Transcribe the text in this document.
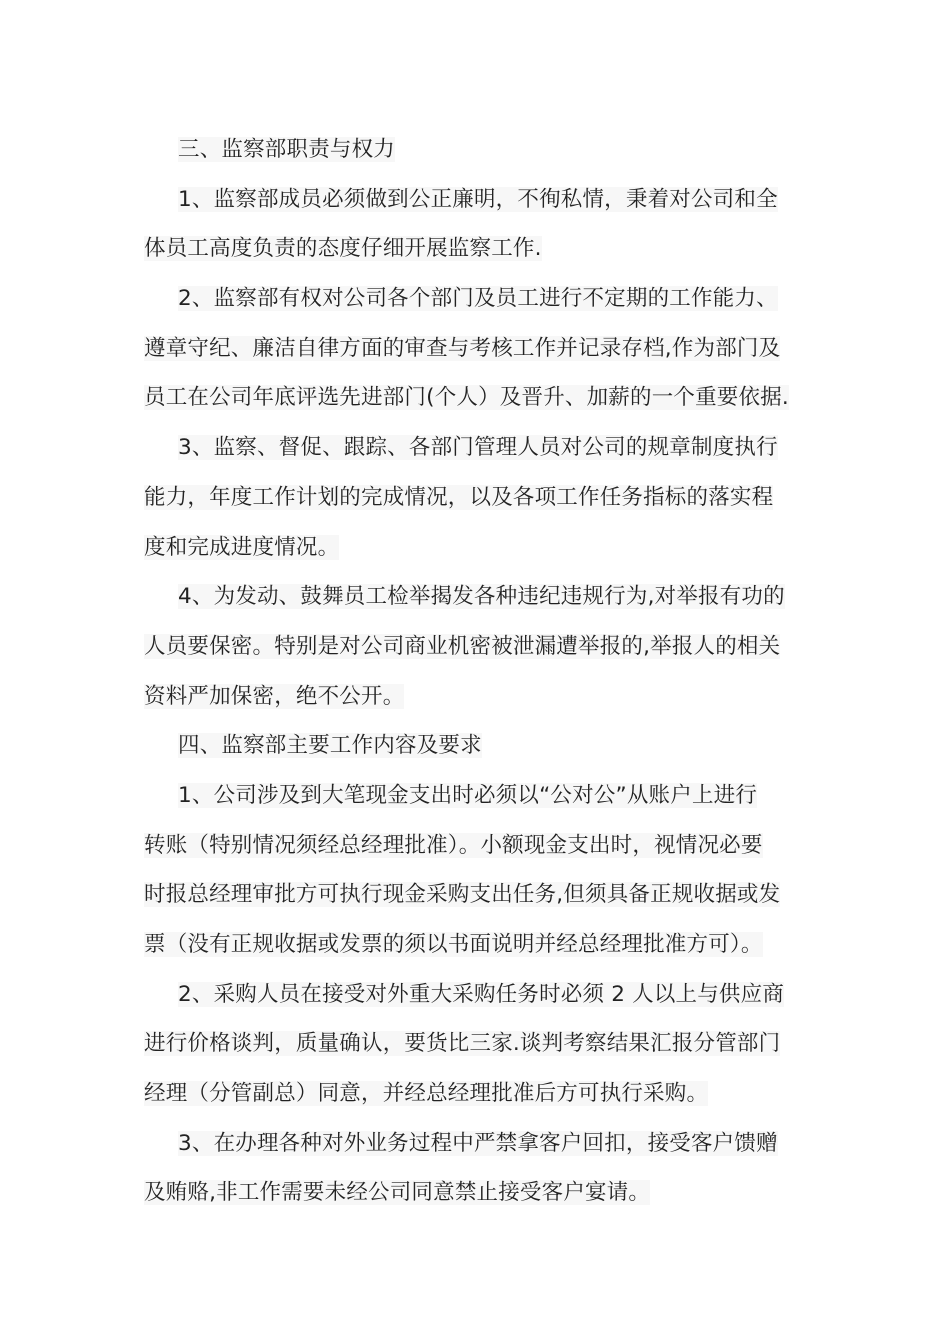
三、监察部职责与权力
1、监察部成员必须做到公正廉明，不徇私情，秉着对公司和全
体员工高度负责的态度仔细开展监察工作.
2、监察部有权对公司各个部门及员工进行不定期的工作能力、
遵章守纪、廉洁自律方面的审查与考核工作并记录存档,作为部门及
员工在公司年底评选先进部门(个人）及晋升、加薪的一个重要依据.
3、监察、督促、跟踪、各部门管理人员对公司的规章制度执行
能力，年度工作计划的完成情况，以及各项工作任务指标的落实程
度和完成进度情况。
4、为发动、鼓舞员工检举揭发各种违纪违规行为,对举报有功的
人员要保密。特别是对公司商业机密被泄漏遭举报的,举报人的相关
资料严加保密，绝不公开。
四、监察部主要工作内容及要求
1、公司涉及到大笔现金支出时必须以“公对公”从账户上进行
转账（特别情况须经总经理批准）。小额现金支出时，视情况必要
时报总经理审批方可执行现金采购支出任务,但须具备正规收据或发
票（没有正规收据或发票的须以书面说明并经总经理批准方可）。
2、采购人员在接受对外重大采购任务时必须 2 人以上与供应商
进行价格谈判，质量确认，要货比三家.谈判考察结果汇报分管部门
经理（分管副总）同意，并经总经理批准后方可执行采购。
3、在办理各种对外业务过程中严禁拿客户回扣，接受客户馈赠
及贿赂,非工作需要未经公司同意禁止接受客户宴请。
